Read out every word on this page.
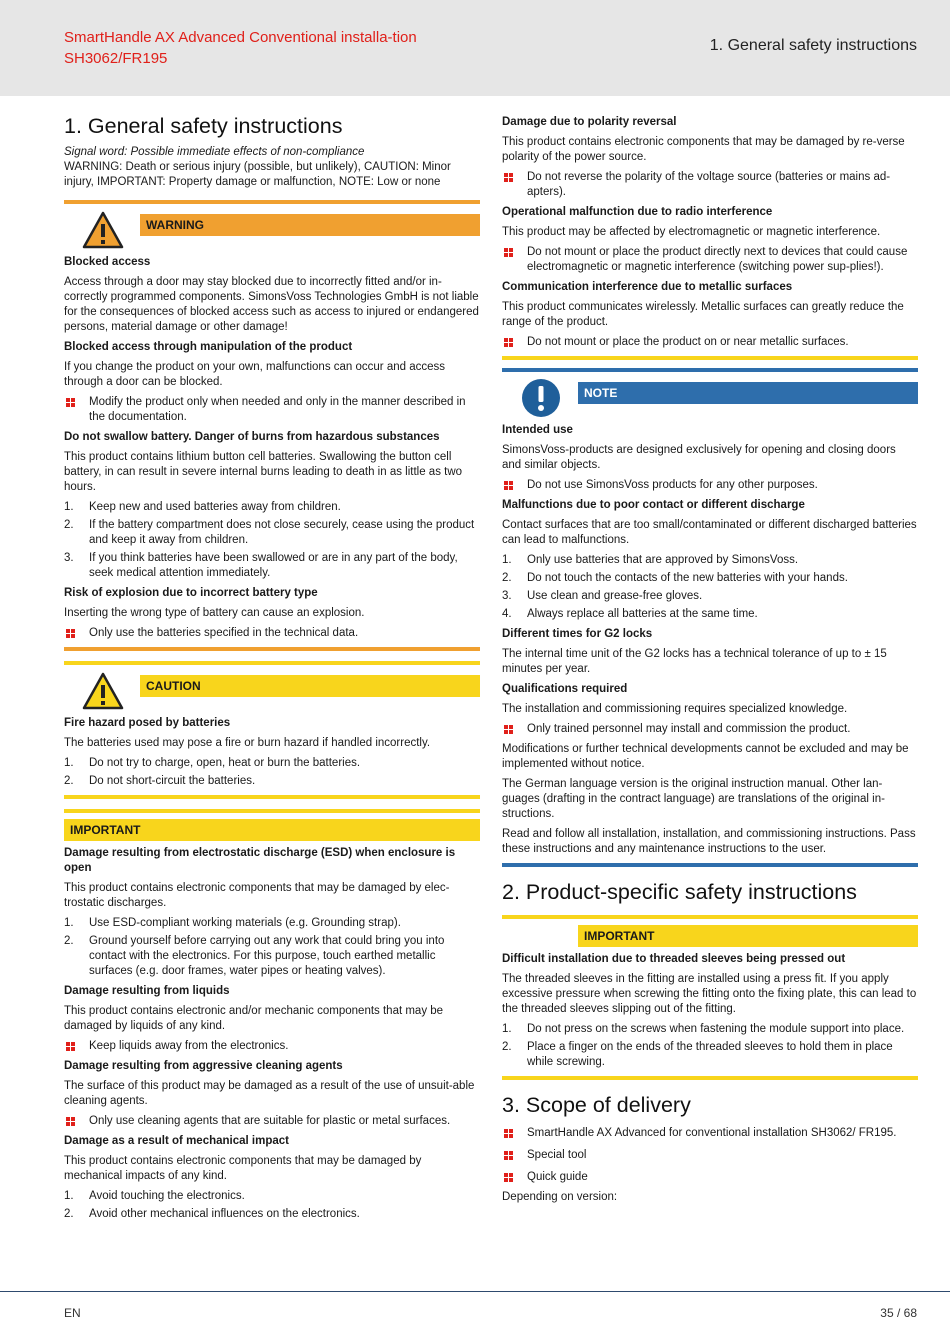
SmartHandle AX Advanced Conventional installa-tion SH3062/FR195
1. General safety instructions
1. General safety instructions

Signal word: Possible immediate effects of non-compliance

WARNING: Death or serious injury (possible, but unlikely), CAUTION: Minor injury, IMPORTANT: Property damage or malfunction, NOTE: Low or none

WARNING
Blocked access

Access through a door may stay blocked due to incorrectly fitted and/or in-correctly programmed components. SimonsVoss Technologies GmbH is not liable for the consequences of blocked access such as access to injured or endangered persons, material damage or other damage!

Blocked access through manipulation of the product

If you change the product on your own, malfunctions can occur and access through a door can be blocked.

Modify the product only when needed and only in the manner described in the documentation.
Do not swallow battery. Danger of burns from hazardous substances

This product contains lithium button cell batteries. Swallowing the button cell battery, in can result in severe internal burns leading to death in as little as two hours.

1. Keep new and used batteries away from children.
2. If the battery compartment does not close securely, cease using the product and keep it away from children.
3. If you think batteries have been swallowed or are in any part of the body, seek medical attention immediately.
Risk of explosion due to incorrect battery type

Inserting the wrong type of battery can cause an explosion.

Only use the batteries specified in the technical data.
CAUTION
Fire hazard posed by batteries

The batteries used may pose a fire or burn hazard if handled incorrectly.

1. Do not try to charge, open, heat or burn the batteries.
2. Do not short-circuit the batteries.
IMPORTANT
Damage resulting from electrostatic discharge (ESD) when enclosure is open

This product contains electronic components that may be damaged by elec-trostatic discharges.

1. Use ESD-compliant working materials (e.g. Grounding strap).
2. Ground yourself before carrying out any work that could bring you into contact with the electronics. For this purpose, touch earthed metallic surfaces (e.g. door frames, water pipes or heating valves).
Damage resulting from liquids

This product contains electronic and/or mechanic components that may be damaged by liquids of any kind.

Keep liquids away from the electronics.
Damage resulting from aggressive cleaning agents

The surface of this product may be damaged as a result of the use of unsuit-able cleaning agents.

Only use cleaning agents that are suitable for plastic or metal surfaces.
Damage as a result of mechanical impact

This product contains electronic components that may be damaged by mechanical impacts of any kind.

1. Avoid touching the electronics.
2. Avoid other mechanical influences on the electronics.
Damage due to polarity reversal

This product contains electronic components that may be damaged by re-verse polarity of the power source.

Do not reverse the polarity of the voltage source (batteries or mains ad-apters).
Operational malfunction due to radio interference

This product may be affected by electromagnetic or magnetic interference.

Do not mount or place the product directly next to devices that could cause electromagnetic or magnetic interference (switching power sup-plies!).
Communication interference due to metallic surfaces

This product communicates wirelessly. Metallic surfaces can greatly reduce the range of the product.

Do not mount or place the product on or near metallic surfaces.
NOTE
Intended use

SimonsVoss-products are designed exclusively for opening and closing doors and similar objects.

Do not use SimonsVoss products for any other purposes.
Malfunctions due to poor contact or different discharge

Contact surfaces that are too small/contaminated or different discharged batteries can lead to malfunctions.

1. Only use batteries that are approved by SimonsVoss.
2. Do not touch the contacts of the new batteries with your hands.
3. Use clean and grease-free gloves.
4. Always replace all batteries at the same time.
Different times for G2 locks

The internal time unit of the G2 locks has a technical tolerance of up to ± 15 minutes per year.

Qualifications required

The installation and commissioning requires specialized knowledge.

Only trained personnel may install and commission the product.

Modifications or further technical developments cannot be excluded and may be implemented without notice.

The German language version is the original instruction manual. Other lan-guages (drafting in the contract language) are translations of the original in-structions.

Read and follow all installation, installation, and commissioning instructions. Pass these instructions and any maintenance instructions to the user.

2. Product-specific safety instructions
IMPORTANT
Difficult installation due to threaded sleeves being pressed out

The threaded sleeves in the fitting are installed using a press fit. If you apply excessive pressure when screwing the fitting onto the fixing plate, this can lead to the threaded sleeves slipping out of the fitting.

1. Do not press on the screws when fastening the module support into place.
2. Place a finger on the ends of the threaded sleeves to hold them in place while screwing.
3. Scope of delivery
SmartHandle AX Advanced for conventional installation SH3062/ FR195.
Special tool
Quick guide

Depending on version:

EN	35 / 68
